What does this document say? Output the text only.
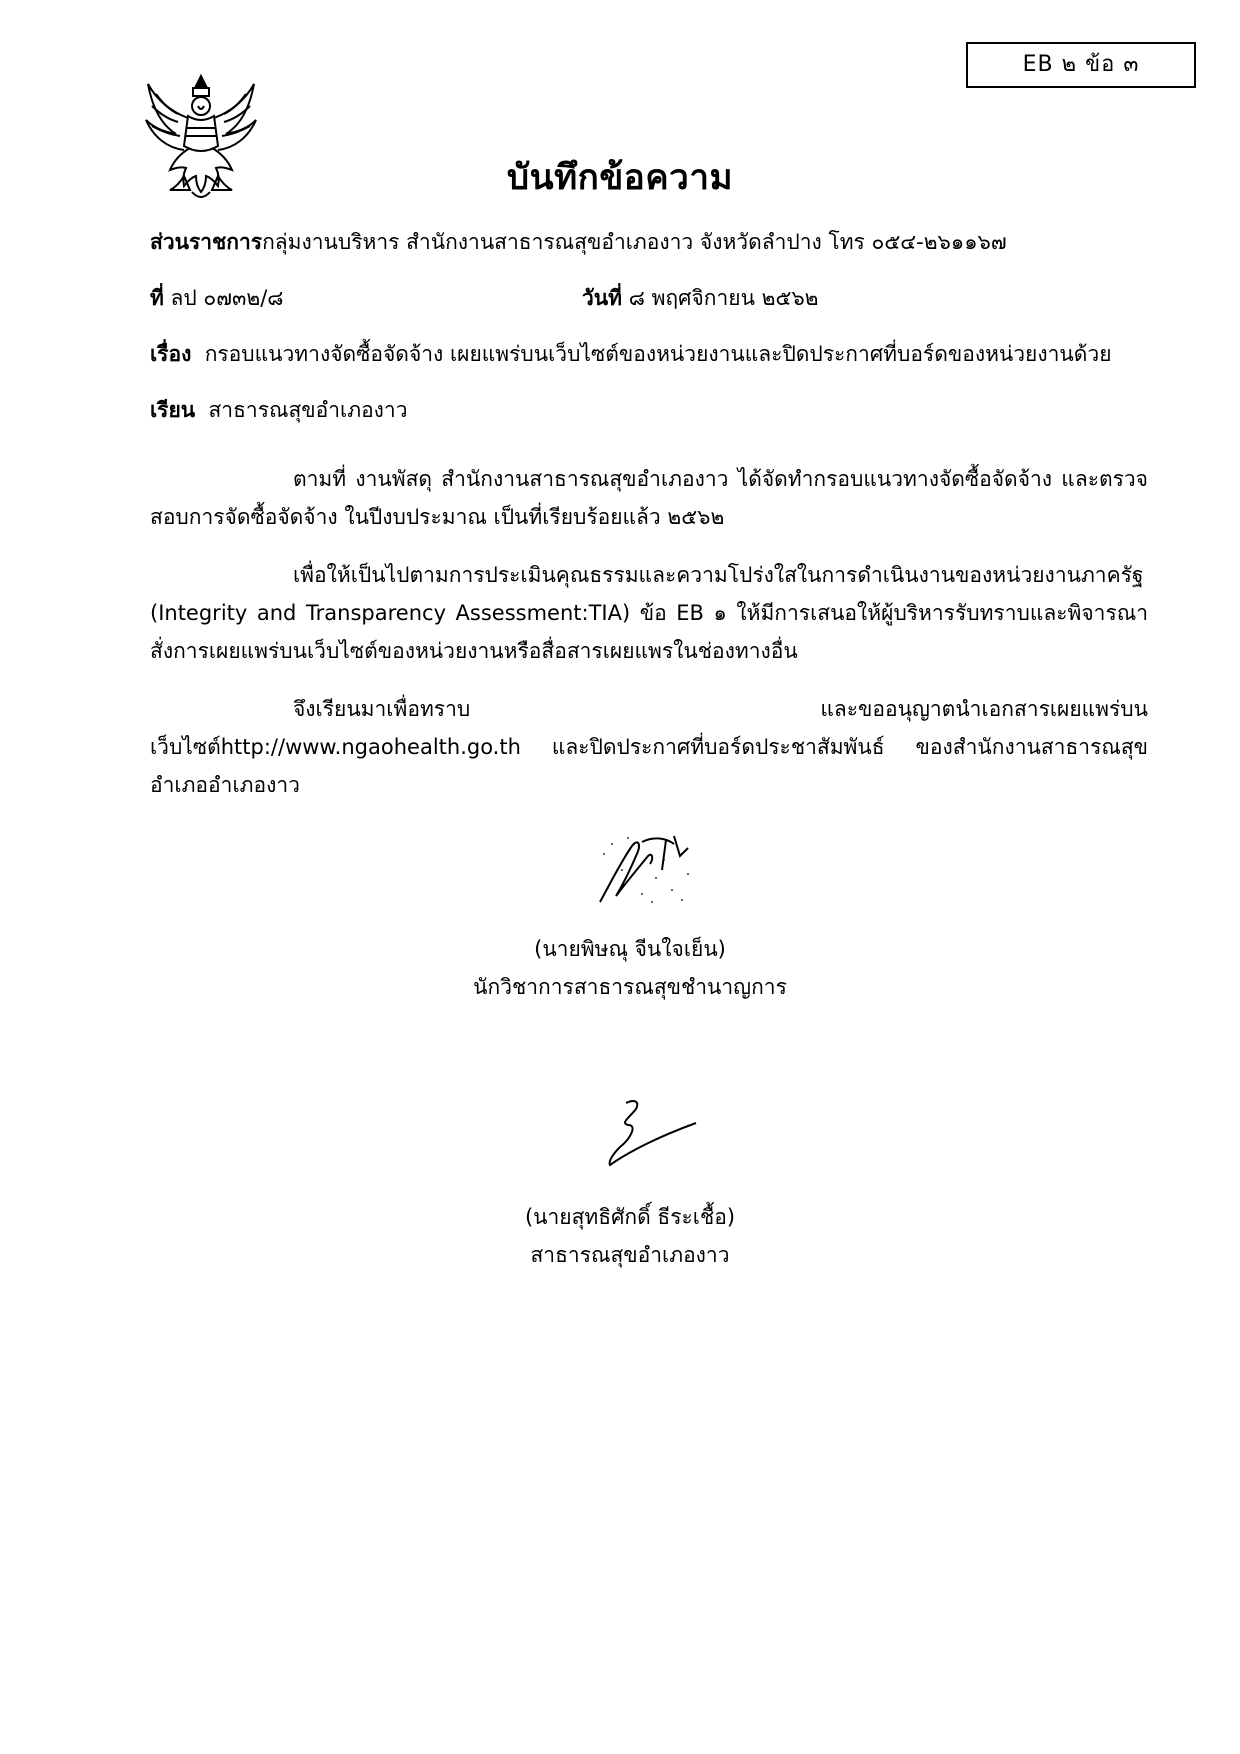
EB ๒ ข้อ ๓
บันทึกข้อความ
ส่วนราชการกลุ่มงานบริหาร สำนักงานสาธารณสุขอำเภองาว จังหวัดลำปาง โทร ๐๕๔-๒๖๑๑๖๗
ที่ ลป ๐๗๓๒/๘	วันที่ ๘ พฤศจิกายน ๒๕๖๒
เรื่อง กรอบแนวทางจัดซื้อจัดจ้าง เผยแพร่บนเว็บไซต์ของหน่วยงานและปิดประกาศที่บอร์ดของหน่วยงานด้วย
เรียน สาธารณสุขอำเภองาว
ตามที่ งานพัสดุ สำนักงานสาธารณสุขอำเภองาว ได้จัดทำกรอบแนวทางจัดซื้อจัดจ้าง และตรวจสอบการจัดซื้อจัดจ้าง ในปีงบประมาณ เป็นที่เรียบร้อยแล้ว ๒๕๖๒
เพื่อให้เป็นไปตามการประเมินคุณธรรมและความโปร่งใสในการดำเนินงานของหน่วยงานภาครัฐ (Integrity and Transparency Assessment:TIA) ข้อ EB ๑ ให้มีการเสนอให้ผู้บริหารรับทราบและพิจารณาสั่งการเผยแพร่บนเว็บไซต์ของหน่วยงานหรือสื่อสารเผยแพรในช่องทางอื่น
จึงเรียนมาเพื่อทราบ และขออนุญาตนำเอกสารเผยแพร่บนเว็บไซต์http://www.ngaohealth.go.th และปิดประกาศที่บอร์ดประชาสัมพันธ์ ของสำนักงานสาธารณสุขอำเภออำเภองาว
(นายพิษณุ จีนใจเย็น)
นักวิชาการสาธารณสุขชำนาญการ
(นายสุทธิศักดิ์ ธีระเชื้อ)
สาธารณสุขอำเภองาว
